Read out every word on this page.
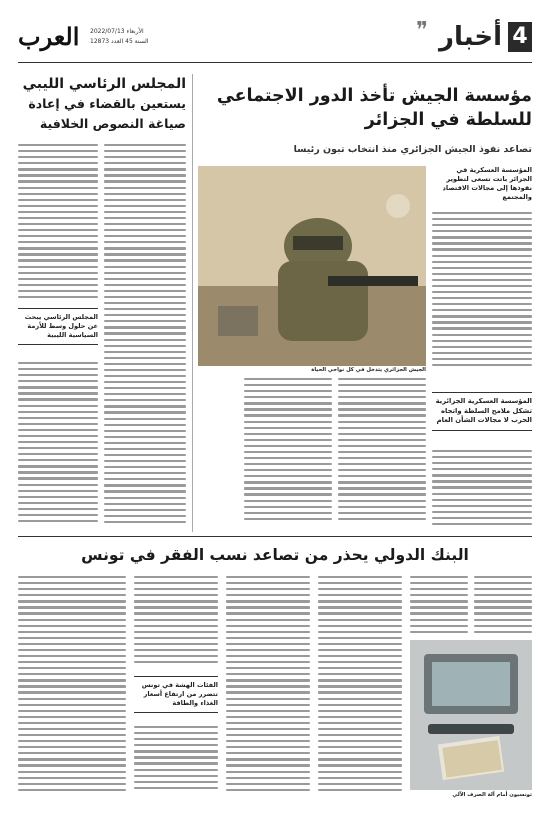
4
أخبار
❞
العرب الأربعاء 2022/07/13
السنة 45 العدد 12873
مؤسسة الجيش تأخذ الدور الاجتماعي
للسلطة في الجزائر
تصاعد نفوذ الجيش الجزائري منذ انتخاب تبون رئيسا
المؤسسة العسكرية في الجزائر باتت تسعى لتطوير نفوذها إلى مجالات الاقتصاد والمجتمع
الجيش الجزائري يتدخل في كل نواحي الحياة
المؤسسة العسكرية الجزائرية تشكل ملامح السلطة واتجاه الحرب لا مجالات الشأن العام
المجلس الرئاسي الليبي
يستعين بالقضاء في إعادة
صياغة النصوص الخلافية
المجلس الرئاسي يبحث عن حلول وسط للأزمة السياسية الليبية
البنك الدولي يحذر من تصاعد نسب الفقر في تونس
تونسيون أمام آلة الصرف الآلي
الفئات الهشة في تونس تتضرر من ارتفاع أسعار الغذاء والطاقة
